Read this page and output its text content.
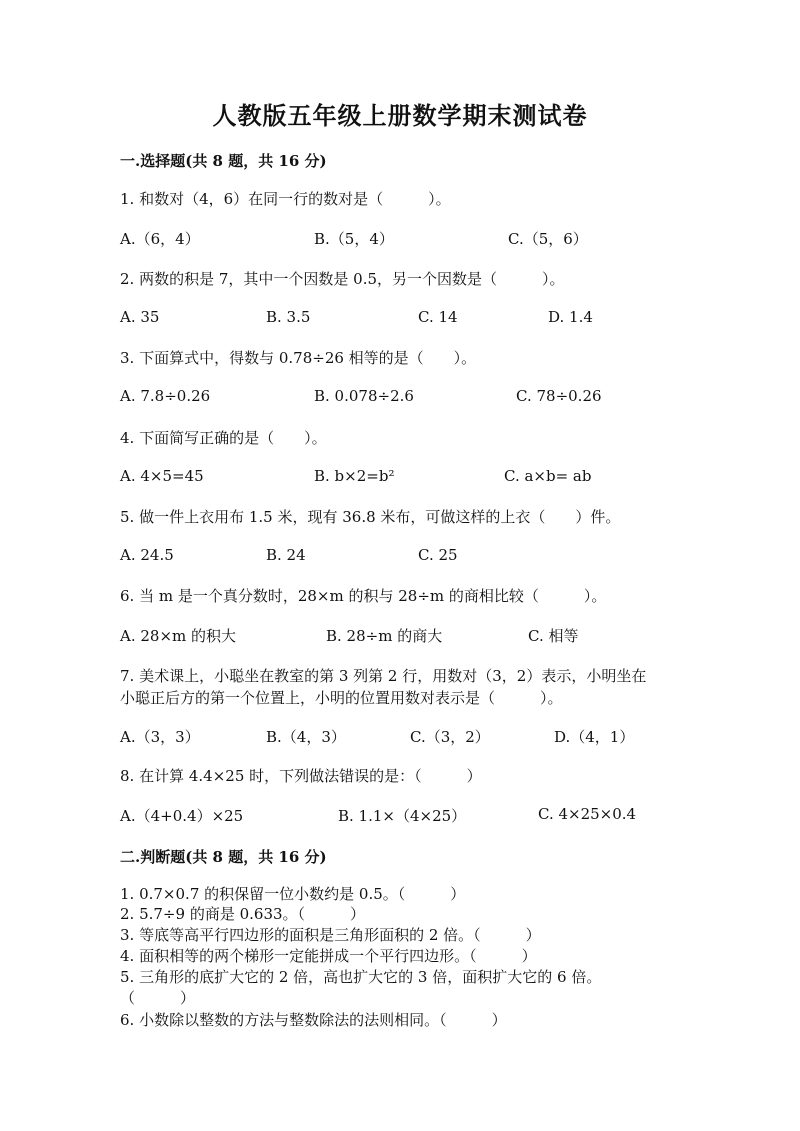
人教版五年级上册数学期末测试卷
一.选择题(共 8 题，共 16 分)
1. 和数对（4，6）在同一行的数对是（　　　）。
A.（6，4）	B.（5，4）	C.（5，6）
2. 两数的积是 7，其中一个因数是 0.5，另一个因数是（　　　）。
A. 35	B. 3.5	C. 14	D. 1.4
3. 下面算式中，得数与 0.78÷26 相等的是（　　）。
A. 7.8÷0.26	B. 0.078÷2.6	C. 78÷0.26
4. 下面简写正确的是（　　）。
A. 4×5=45	B. b×2=b²	C. a×b= ab
5. 做一件上衣用布 1.5 米，现有 36.8 米布，可做这样的上衣（　　）件。
A. 24.5	B. 24	C. 25
6. 当 m 是一个真分数时，28×m 的积与 28÷m 的商相比较（　　　）。
A. 28×m 的积大	B. 28÷m 的商大	C. 相等
7. 美术课上，小聪坐在教室的第 3 列第 2 行，用数对（3，2）表示，小明坐在
小聪正后方的第一个位置上，小明的位置用数对表示是（　　　）。
A.（3，3）	B.（4，3）	C.（3，2）	D.（4，1）
8. 在计算 4.4×25 时，下列做法错误的是：（　　　）
A.（4+0.4）×25	B. 1.1×（4×25）	C. 4×25×0.4
二.判断题(共 8 题，共 16 分)
1. 0.7×0.7 的积保留一位小数约是 0.5。（　　　）
2. 5.7÷9 的商是 0.633。（　　　）
3. 等底等高平行四边形的面积是三角形面积的 2 倍。（　　　）
4. 面积相等的两个梯形一定能拼成一个平行四边形。（　　　）
5. 三角形的底扩大它的 2 倍，高也扩大它的 3 倍，面积扩大它的 6 倍。
（　　　）
6. 小数除以整数的方法与整数除法的法则相同。（　　　）
